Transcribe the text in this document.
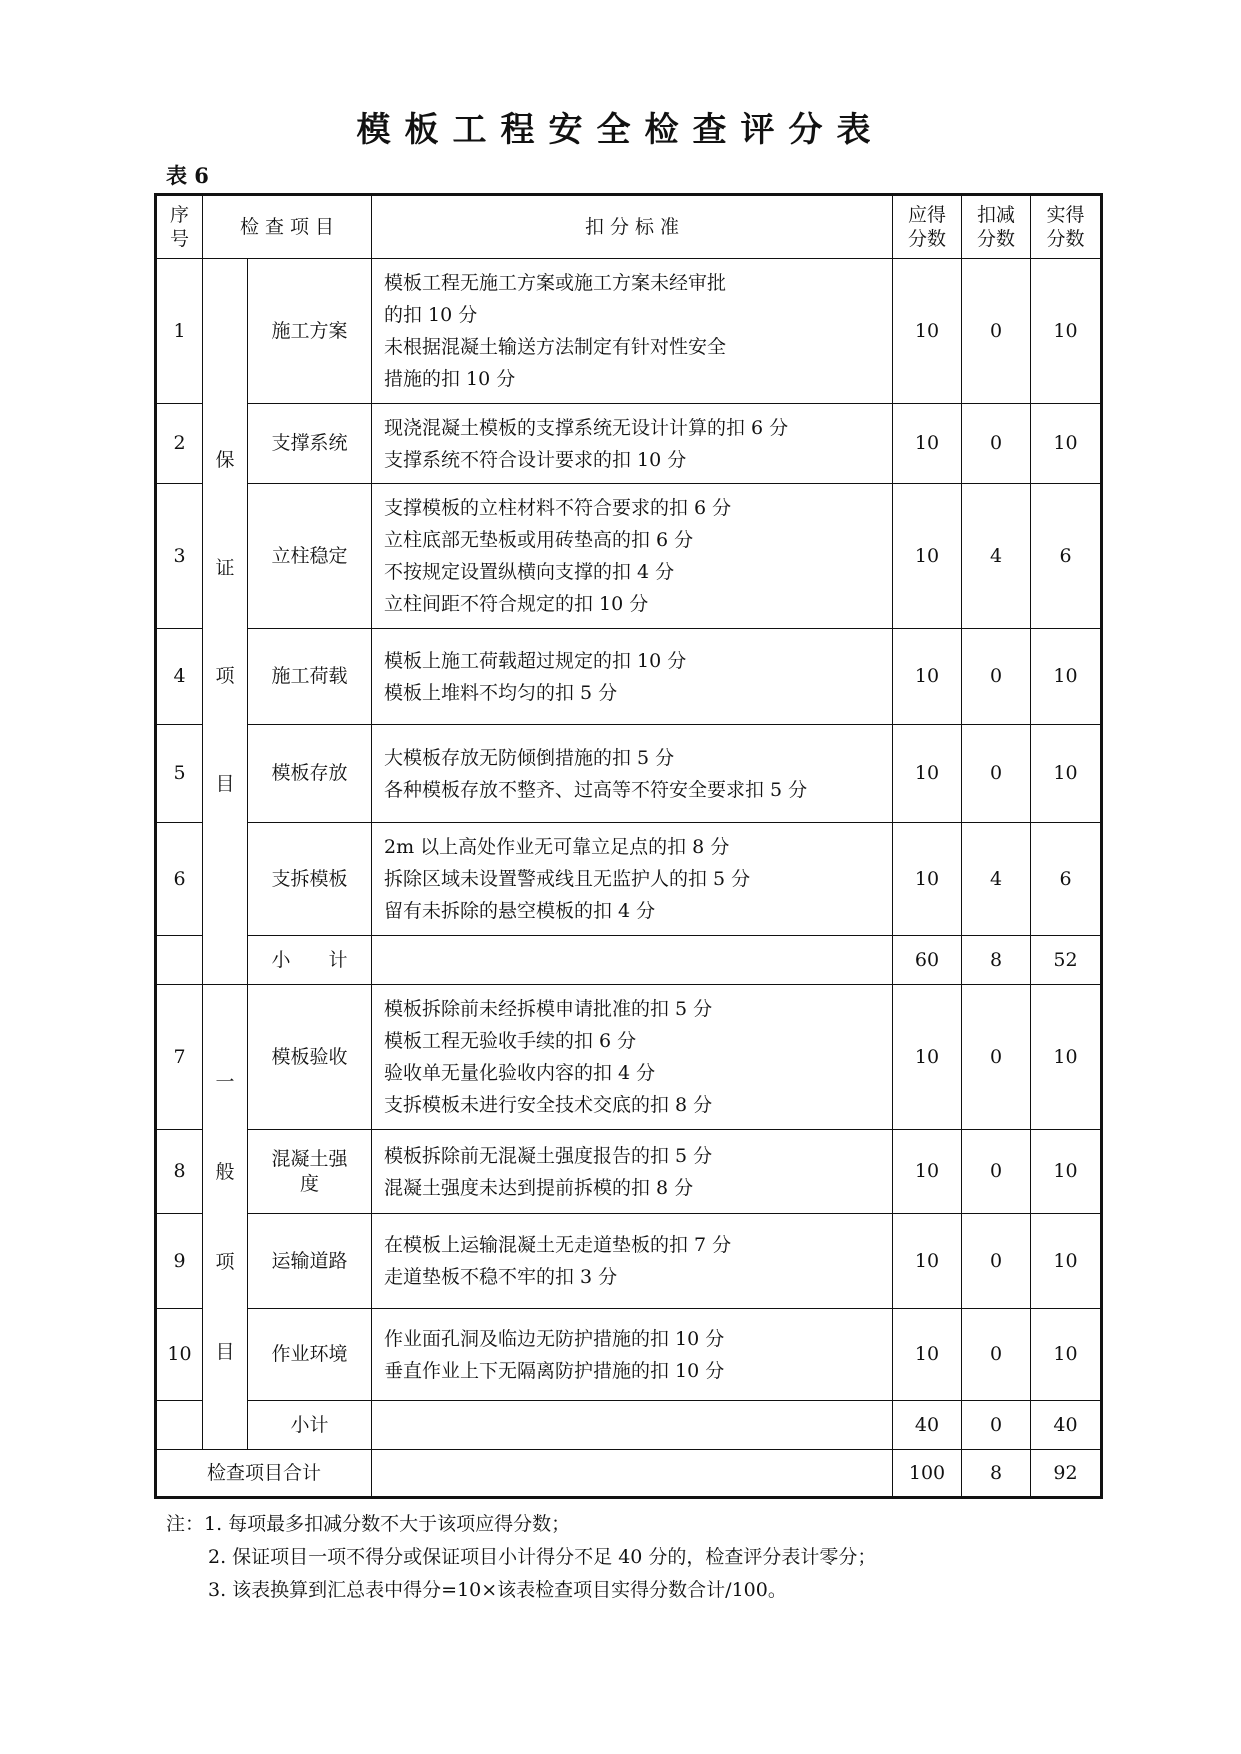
模板工程安全检查评分表
表 6
序号	检 查 项 目		扣 分 标 准	应得分数	扣减分数	实得分数

1	保证项目	施工方案	模板工程无施工方案或施工方案未经审批
的扣 10 分
未根据混凝土输送方法制定有针对性安全
措施的扣 10 分	10	0	10
2		支撑系统	现浇混凝土模板的支撑系统无设计计算的扣 6 分
支撑系统不符合设计要求的扣 10 分	10	0	10
3		立柱稳定	支撑模板的立柱材料不符合要求的扣 6 分
立柱底部无垫板或用砖垫高的扣 6 分
不按规定设置纵横向支撑的扣 4 分
立柱间距不符合规定的扣 10 分	10	4	6
4		施工荷载	模板上施工荷载超过规定的扣 10 分
模板上堆料不均匀的扣 5 分	10	0	10
5		模板存放	大模板存放无防倾倒措施的扣 5 分
各种模板存放不整齐、过高等不符安全要求扣 5 分	10	0	10
6		支拆模板	2m 以上高处作业无可靠立足点的扣 8 分
拆除区域未设置警戒线且无监护人的扣 5 分
留有未拆除的悬空模板的扣 4 分	10	4	6
		小　　计		60	8	52
7	一般项目	模板验收	模板拆除前未经拆模申请批准的扣 5 分
模板工程无验收手续的扣 6 分
验收单无量化验收内容的扣 4 分
支拆模板未进行安全技术交底的扣 8 分	10	0	10
8		混凝土强度	模板拆除前无混凝土强度报告的扣 5 分
混凝土强度未达到提前拆模的扣 8 分	10	0	10
9		运输道路	在模板上运输混凝土无走道垫板的扣 7 分
走道垫板不稳不牢的扣 3 分	10	0	10
10		作业环境	作业面孔洞及临边无防护措施的扣 10 分
垂直作业上下无隔离防护措施的扣 10 分	10	0	10
		小计		40	0	40
检查项目合计				100	8	92
注：1. 每项最多扣减分数不大于该项应得分数；
2. 保证项目一项不得分或保证项目小计得分不足 40 分的，检查评分表计零分；
3. 该表换算到汇总表中得分=10×该表检查项目实得分数合计/100。
